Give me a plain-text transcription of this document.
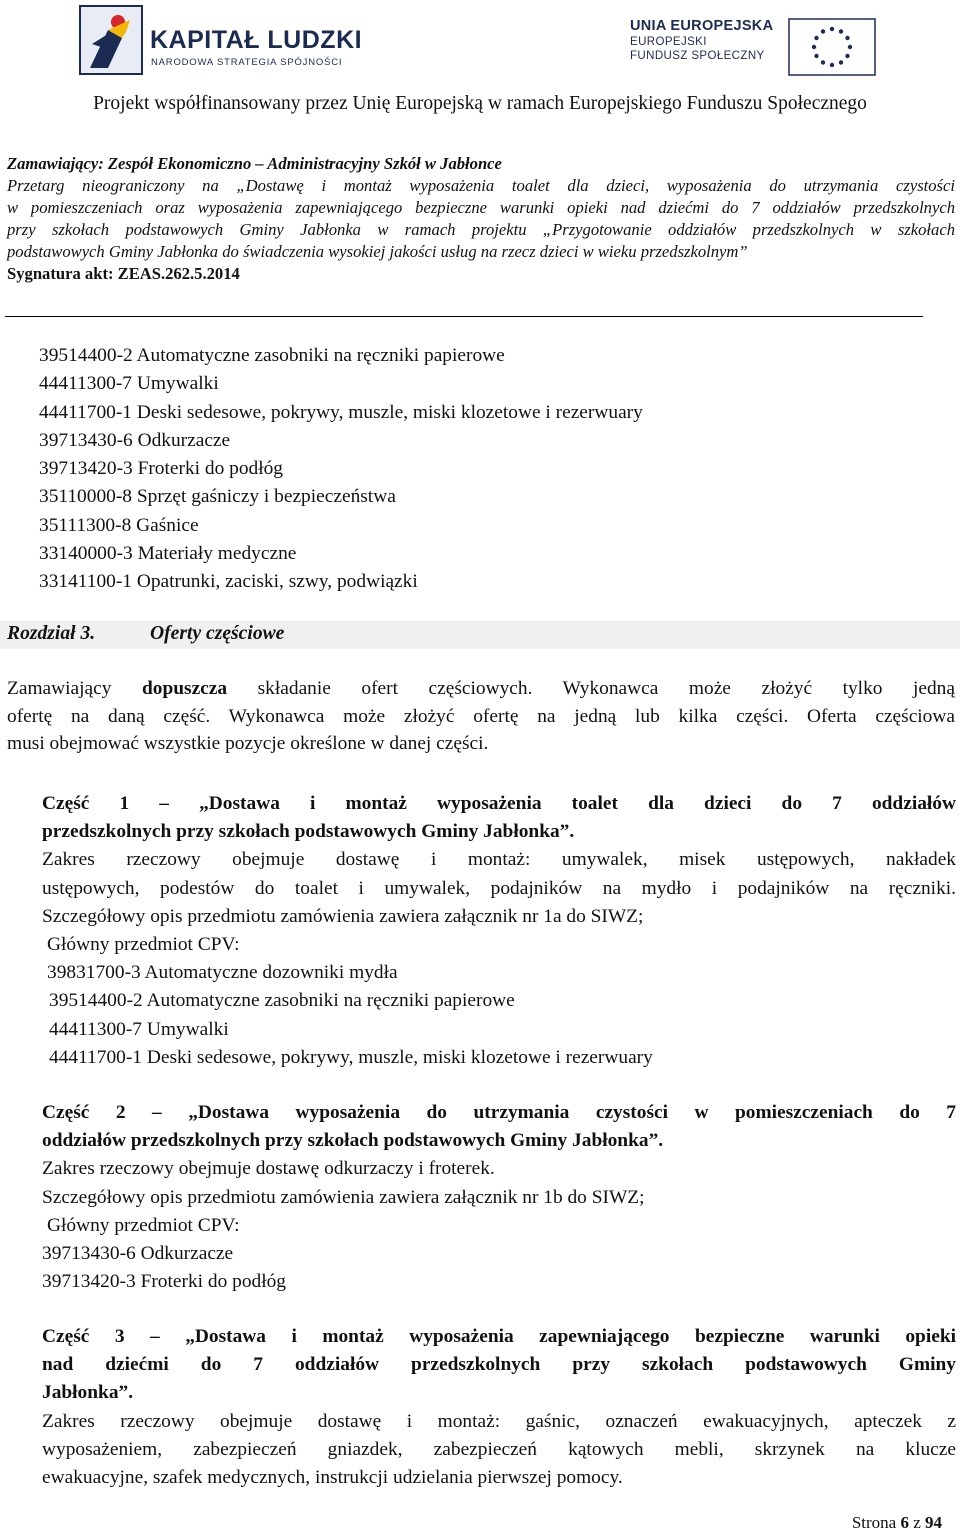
KAPITAŁ LUDZKI
NARODOWA STRATEGIA SPÓJNOŚCI
UNIA EUROPEJSKA
EUROPEJSKI
FUNDUSZ SPOŁECZNY
Projekt współfinansowany przez Unię Europejską w ramach Europejskiego Funduszu Społecznego
Zamawiający: Zespół Ekonomiczno – Administracyjny Szkół w Jabłonce
Przetarg nieograniczony na „Dostawę i montaż wyposażenia toalet dla dzieci, wyposażenia do utrzymania czystości
w pomieszczeniach oraz wyposażenia zapewniającego bezpieczne warunki opieki nad dziećmi do 7 oddziałów przedszkolnych
przy szkołach podstawowych Gminy Jabłonka w ramach projektu „Przygotowanie oddziałów przedszkolnych w szkołach
podstawowych Gminy Jabłonka do świadczenia wysokiej jakości usług na rzecz dzieci w wieku przedszkolnym”
Sygnatura akt: ZEAS.262.5.2014
39514400-2 Automatyczne zasobniki na ręczniki papierowe
44411300-7 Umywalki
44411700-1 Deski sedesowe, pokrywy, muszle, miski klozetowe i rezerwuary
39713430-6 Odkurzacze
39713420-3 Froterki do podłóg
35110000-8 Sprzęt gaśniczy i bezpieczeństwa
35111300-8 Gaśnice
33140000-3 Materiały medyczne
33141100-1 Opatrunki, zaciski, szwy, podwiązki
Rozdział 3.	Oferty częściowe
Zamawiający dopuszcza składanie ofert częściowych. Wykonawca może złożyć tylko jedną
ofertę na daną część. Wykonawca może złożyć ofertę na jedną lub kilka części. Oferta częściowa
musi obejmować wszystkie pozycje określone w danej części.
Część 1 – „Dostawa i montaż wyposażenia toalet dla dzieci do 7 oddziałów
przedszkolnych przy szkołach podstawowych Gminy Jabłonka”.
Zakres rzeczowy obejmuje dostawę i montaż: umywalek, misek ustępowych, nakładek
ustępowych, podestów do toalet i umywalek, podajników na mydło i podajników na ręczniki.
Szczegółowy opis przedmiotu zamówienia zawiera załącznik nr 1a do SIWZ;
Główny przedmiot CPV:
39831700-3 Automatyczne dozowniki mydła
39514400-2 Automatyczne zasobniki na ręczniki papierowe
44411300-7 Umywalki
44411700-1 Deski sedesowe, pokrywy, muszle, miski klozetowe i rezerwuary
Część 2 – „Dostawa wyposażenia do utrzymania czystości w pomieszczeniach do 7
oddziałów przedszkolnych przy szkołach podstawowych Gminy Jabłonka”.
Zakres rzeczowy obejmuje dostawę odkurzaczy i froterek.
Szczegółowy opis przedmiotu zamówienia zawiera załącznik nr 1b do SIWZ;
Główny przedmiot CPV:
39713430-6 Odkurzacze
39713420-3 Froterki do podłóg
Część 3 – „Dostawa i montaż wyposażenia zapewniającego bezpieczne warunki opieki
nad dziećmi do 7 oddziałów przedszkolnych przy szkołach podstawowych Gminy
Jabłonka”.
Zakres rzeczowy obejmuje dostawę i montaż: gaśnic, oznaczeń ewakuacyjnych, apteczek z
wyposażeniem, zabezpieczeń gniazdek, zabezpieczeń kątowych mebli, skrzynek na klucze
ewakuacyjne, szafek medycznych, instrukcji udzielania pierwszej pomocy.
Strona 6 z 94
